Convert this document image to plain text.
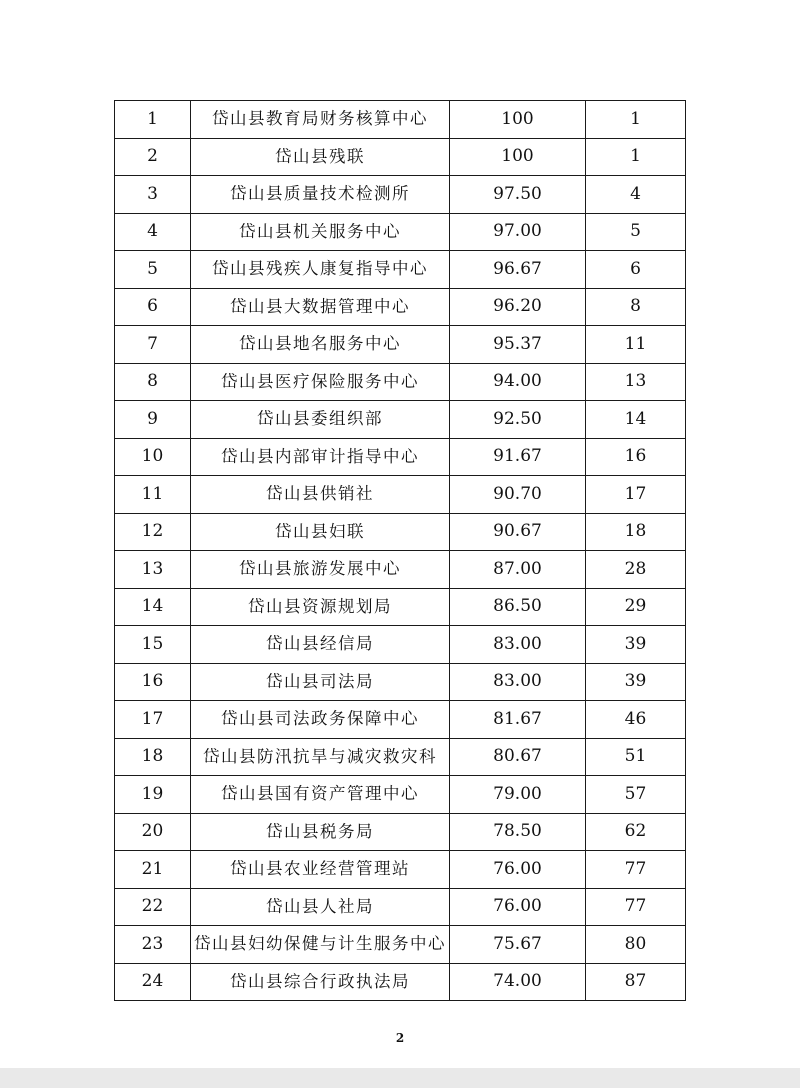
1	岱山县教育局财务核算中心	100	1
2	岱山县残联	100	1
3	岱山县质量技术检测所	97.50	4
4	岱山县机关服务中心	97.00	5
5	岱山县残疾人康复指导中心	96.67	6
6	岱山县大数据管理中心	96.20	8
7	岱山县地名服务中心	95.37	11
8	岱山县医疗保险服务中心	94.00	13
9	岱山县委组织部	92.50	14
10	岱山县内部审计指导中心	91.67	16
11	岱山县供销社	90.70	17
12	岱山县妇联	90.67	18
13	岱山县旅游发展中心	87.00	28
14	岱山县资源规划局	86.50	29
15	岱山县经信局	83.00	39
16	岱山县司法局	83.00	39
17	岱山县司法政务保障中心	81.67	46
18	岱山县防汛抗旱与减灾救灾科	80.67	51
19	岱山县国有资产管理中心	79.00	57
20	岱山县税务局	78.50	62
21	岱山县农业经营管理站	76.00	77
22	岱山县人社局	76.00	77
23	岱山县妇幼保健与计生服务中心	75.67	80
24	岱山县综合行政执法局	74.00	87
2
